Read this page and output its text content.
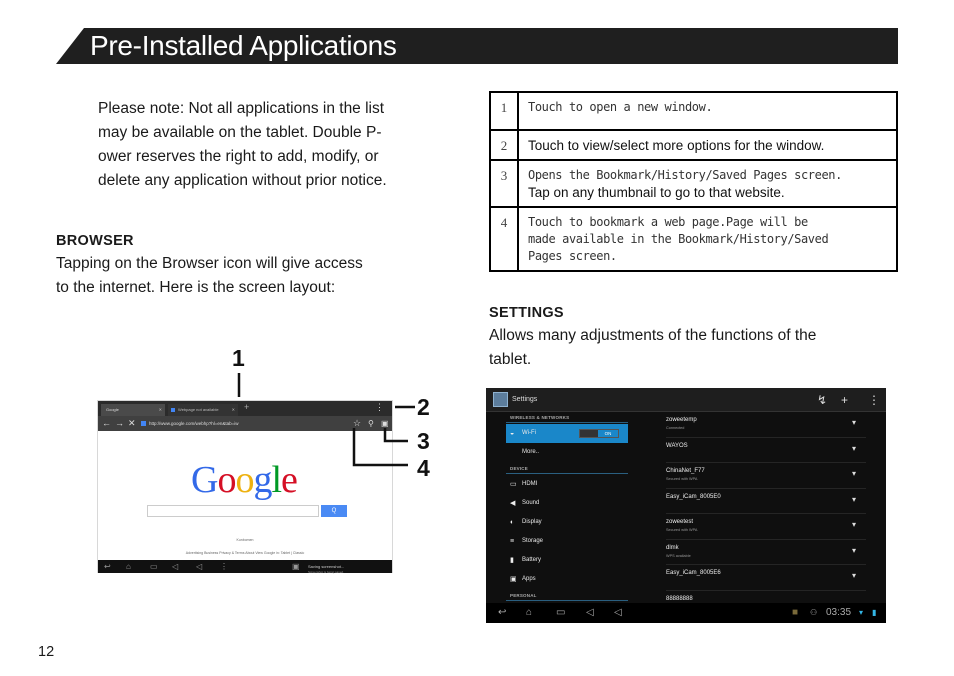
Pre-Installed Applications

Please note: Not all applications in the list

may be available on the tablet. Double P-

ower reserves the right to add, modify, or

delete any application without prior notice.

BROWSER

Tapping on the Browser icon will give access

to the internet. Here is the screen layout:

Google	✕	Webpage not available	✕ +	⋮
← → ✕	http://www.google.com/webhp?hl=en&tab=iw	☆ ⚲ ▣
Google
Q
Kunbomen
Advertising Business Privacy & Terms About View Google in: Tablet | Classic
↩ ⌂ ▭ ◁ ◁ ⋮	▣ Saving screenshot...
Screenshot is being saved.
1
2
3
4
1	Touch to open a new window.
2	Touch to view/select more options for the window.
3	Opens the Bookmark/History/Saved Pages screen.
Tap on any thumbnail to go to that website.
4	Touch to bookmark a web page.Page will be
made available in the Bookmark/History/Saved
Pages screen.
SETTINGS

Allows many adjustments of the functions of the

tablet.

Settings	↯ + ⋮
WIRELESS & NETWORKS
◒ Wi-Fi	ON
More..
DEVICE
▭ HDMI
◀ Sound
◐ Display
≡ Storage
▮ Battery
▣ Apps
PERSONAL
zoweetemp
Connected
▾
WAYOS	▾
ChinaNet_F77
Secured with WPA
▾
Easy_iCam_8005E0	▾
zoweetest
Secured with WPA
▾
dlmk
WPS available
▾
Easy_iCam_8005E6	▾
88888888
↩ ⌂ ▭ ◁ ◁	■ ⚇ 03:35 ▾ ▮
12
